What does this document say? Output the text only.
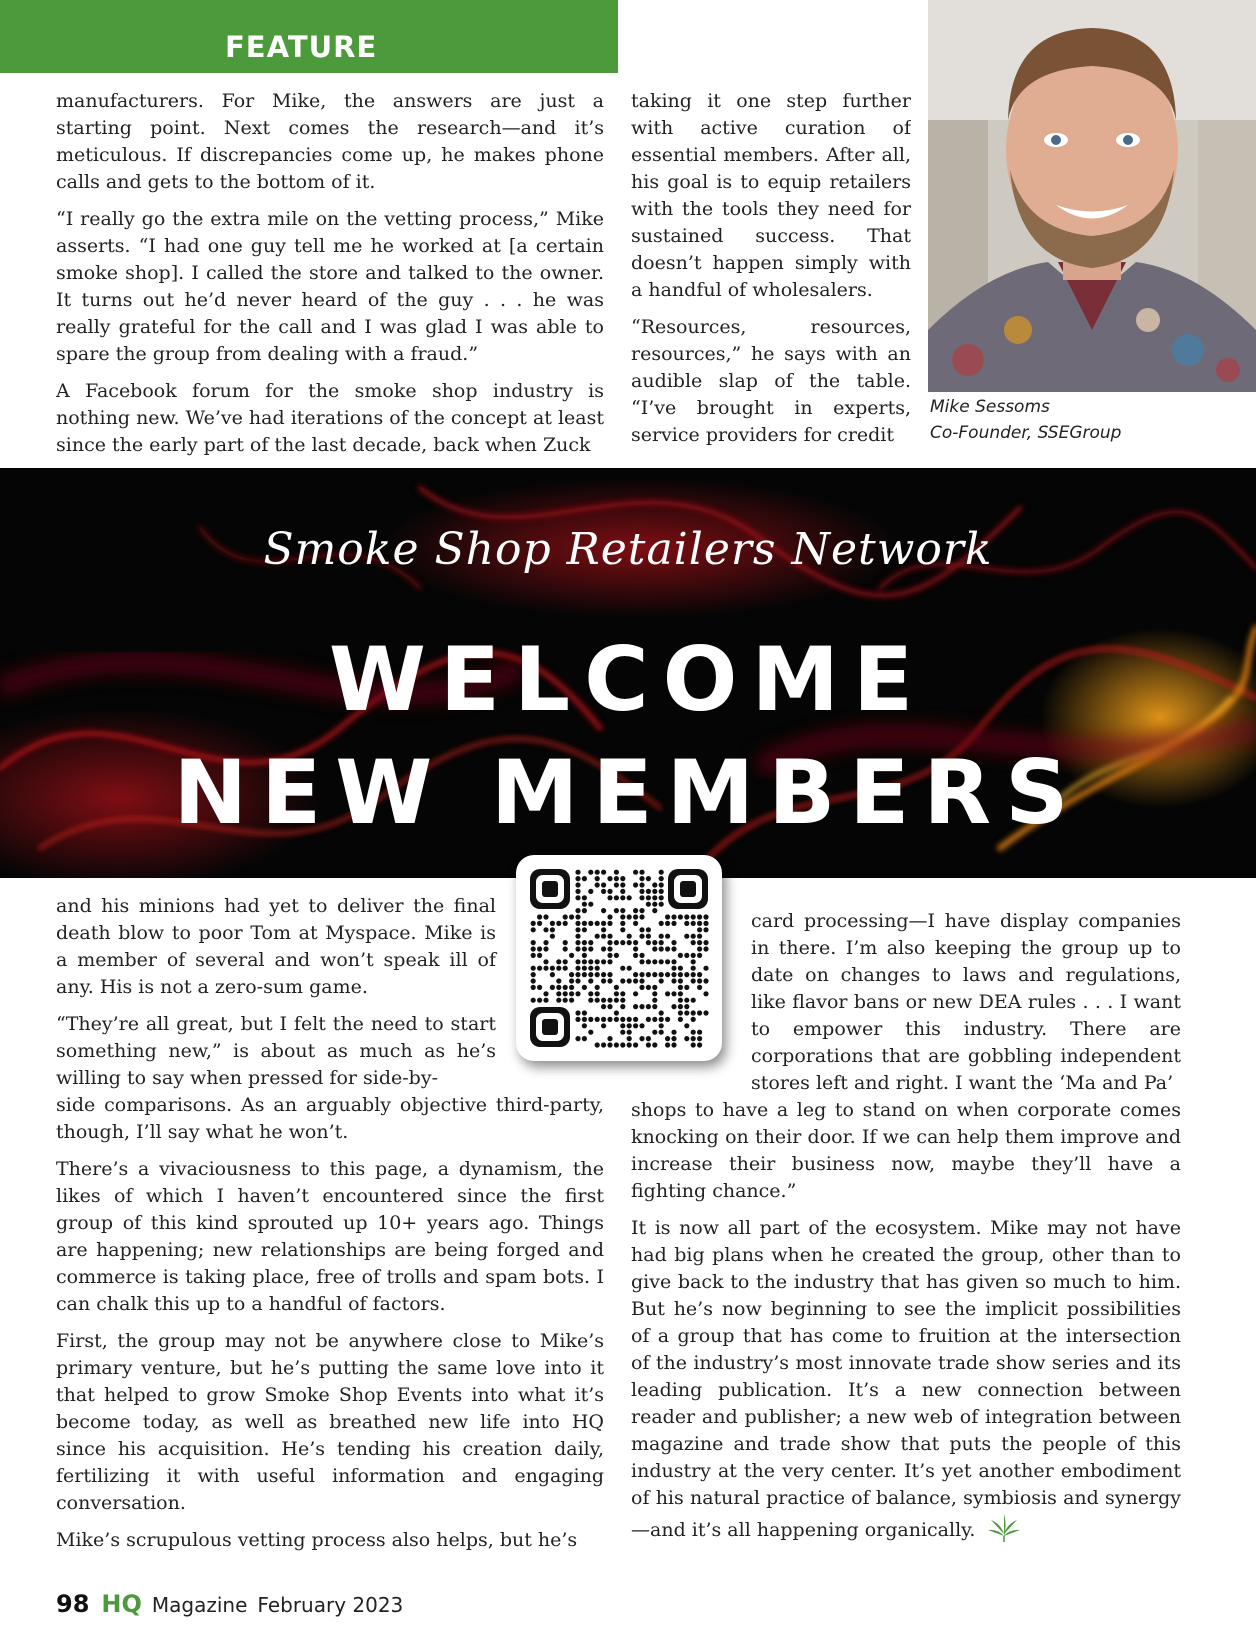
FEATURE

manufacturers. For Mike, the answers are just a starting point. Next comes the research—and it’s meticulous. If discrepancies come up, he makes phone calls and gets to the bottom of it.

“I really go the extra mile on the vetting process,” Mike asserts. “I had one guy tell me he worked at [a certain smoke shop]. I called the store and talked to the owner. It turns out he’d never heard of the guy . . . he was really grateful for the call and I was glad I was able to spare the group from dealing with a fraud.”

A Facebook forum for the smoke shop industry is nothing new. We’ve had iterations of the concept at least since the early part of the last decade, back when Zuck

taking it one step further with active curation of essential members. After all, his goal is to equip retailers with the tools they need for sustained success. That doesn’t happen simply with a handful of wholesalers.

“Resources, resources, resources,” he says with an audible slap of the table. “I’ve brought in experts, service providers for credit

Mike Sessoms
Co-Founder, SSEGroup
Smoke Shop Retailers Network
WELCOME
NEW MEMBERS

and his minions had yet to deliver the final death blow to poor Tom at Myspace. Mike is a member of several and won’t speak ill of any. His is not a zero-sum game.

“They’re all great, but I felt the need to start something new,” is about as much as he’s willing to say when pressed for side-by-

side comparisons. As an arguably objective third-party, though, I’ll say what he won’t.

There’s a vivaciousness to this page, a dynamism, the likes of which I haven’t encountered since the first group of this kind sprouted up 10+ years ago. Things are happening; new relationships are being forged and commerce is taking place, free of trolls and spam bots. I can chalk this up to a handful of factors.

First, the group may not be anywhere close to Mike’s primary venture, but he’s putting the same love into it that helped to grow Smoke Shop Events into what it’s become today, as well as breathed new life into HQ since his acquisition. He’s tending his creation daily, fertilizing it with useful information and engaging conversation.

Mike’s scrupulous vetting process also helps, but he’s

card processing—I have display companies in there. I’m also keeping the group up to date on changes to laws and regulations, like flavor bans or new DEA rules . . . I want to empower this industry. There are corporations that are gobbling independent stores left and right. I want the ‘Ma and Pa’

shops to have a leg to stand on when corporate comes knocking on their door. If we can help them improve and increase their business now, maybe they’ll have a fighting chance.”

It is now all part of the ecosystem. Mike may not have had big plans when he created the group, other than to give back to the industry that has given so much to him. But he’s now beginning to see the implicit possibilities of a group that has come to fruition at the intersection of the industry’s most innovate trade show series and its leading publication. It’s a new connection between reader and publisher; a new web of integration between magazine and trade show that puts the people of this industry at the very center. It’s yet another embodiment of his natural practice of balance, symbiosis and synergy—and it’s all happening organically.

98 HQ Magazine February 2023
